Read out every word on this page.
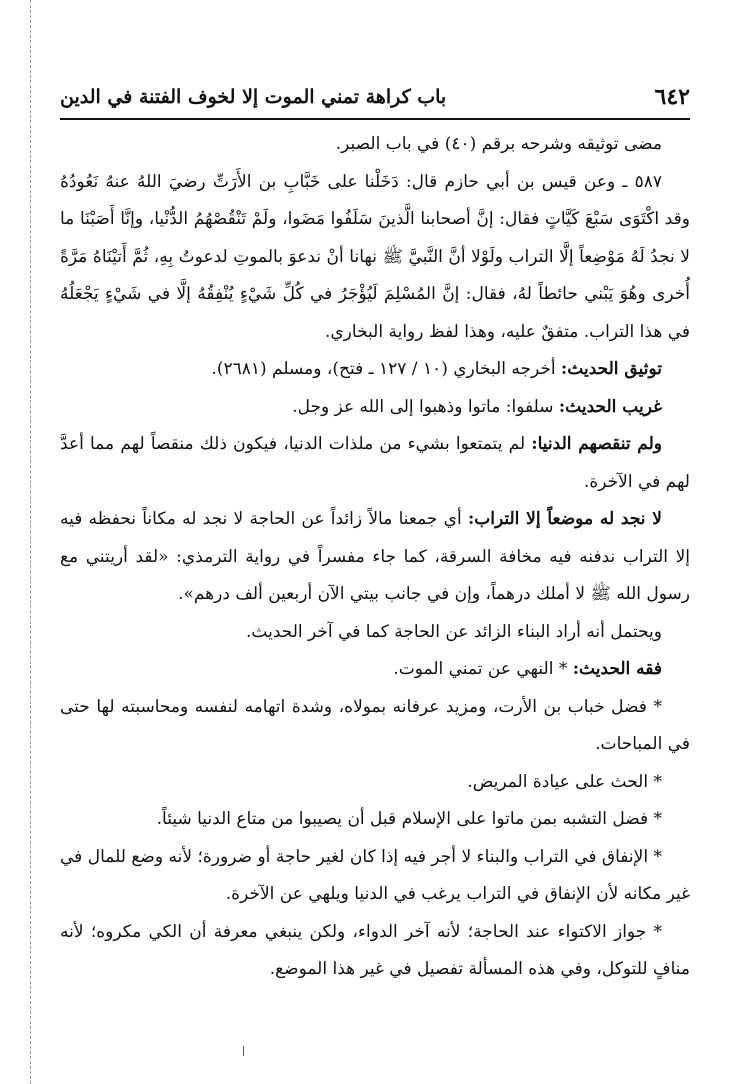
٦٤٢
باب كراهة تمني الموت إلا لخوف الفتنة في الدين

مضى توثيقه وشرحه برقم (٤٠) في باب الصبر.

٥٨٧ ـ وعن قيس بن أبي حازم قال: دَخَلْنا على خَبَّابِ بن الأَرَتِّ رضيَ اللهُ عنهُ نَعُودُهُ وقد اكْتَوَى سَبْعَ كَيَّاتٍ فقال: إنَّ أصحابنا الَّذينَ سَلَفُوا مَضَوا، ولَمْ تَنْقُصْهُمُ الدُّنْيا، وإنَّا أَصَبْنَا ما لا نجدُ لَهُ مَوْضِعاً إلَّا التراب ولَوْلا أنَّ النَّبيَّ ﷺ نهانا أنْ ندعوَ بالموتِ لدعوتُ بِهِ، ثُمَّ أَتيْنَاهُ مَرَّةً أُخرى وهُوَ يَبْني حائطاً لهُ، فقال: إنَّ المُسْلِمَ لَيُؤْجَرُ في كُلِّ شَيْءٍ يُنْفِقُهُ إلَّا في شَيْءٍ يَجْعَلُهُ في هذا التراب. متفقٌ عليه، وهذا لفظ رواية البخاري.

توثيق الحديث: أخرجه البخاري (١٠ / ١٢٧ ـ فتح)، ومسلم (٢٦٨١).

غريب الحديث: سلفوا: ماتوا وذهبوا إلى الله عز وجل.

ولم تنقصهم الدنيا: لم يتمتعوا بشيء من ملذات الدنيا، فيكون ذلك منقصاً لهم مما أعدَّ لهم في الآخرة.

لا نجد له موضعاً إلا التراب: أي جمعنا مالاً زائداً عن الحاجة لا نجد له مكاناً نحفظه فيه إلا التراب ندفنه فيه مخافة السرقة، كما جاء مفسراً في رواية الترمذي: «لقد أريتني مع رسول الله ﷺ لا أملك درهماً، وإن في جانب بيتي الآن أربعين ألف درهم».

ويحتمل أنه أراد البناء الزائد عن الحاجة كما في آخر الحديث.

فقه الحديث: * النهي عن تمني الموت.

* فضل خباب بن الأرت، ومزيد عرفانه بمولاه، وشدة اتهامه لنفسه ومحاسبته لها حتى في المباحات.

* الحث على عيادة المريض.

* فضل التشبه بمن ماتوا على الإسلام قبل أن يصيبوا من متاع الدنيا شيئاً.

* الإنفاق في التراب والبناء لا أجر فيه إذا كان لغير حاجة أو ضرورة؛ لأنه وضع للمال في غير مكانه لأن الإنفاق في التراب يرغب في الدنيا ويلهي عن الآخرة.

* جواز الاكتواء عند الحاجة؛ لأنه آخر الدواء، ولكن ينبغي معرفة أن الكي مكروه؛ لأنه منافٍ للتوكل، وفي هذه المسألة تفصيل في غير هذا الموضع.
